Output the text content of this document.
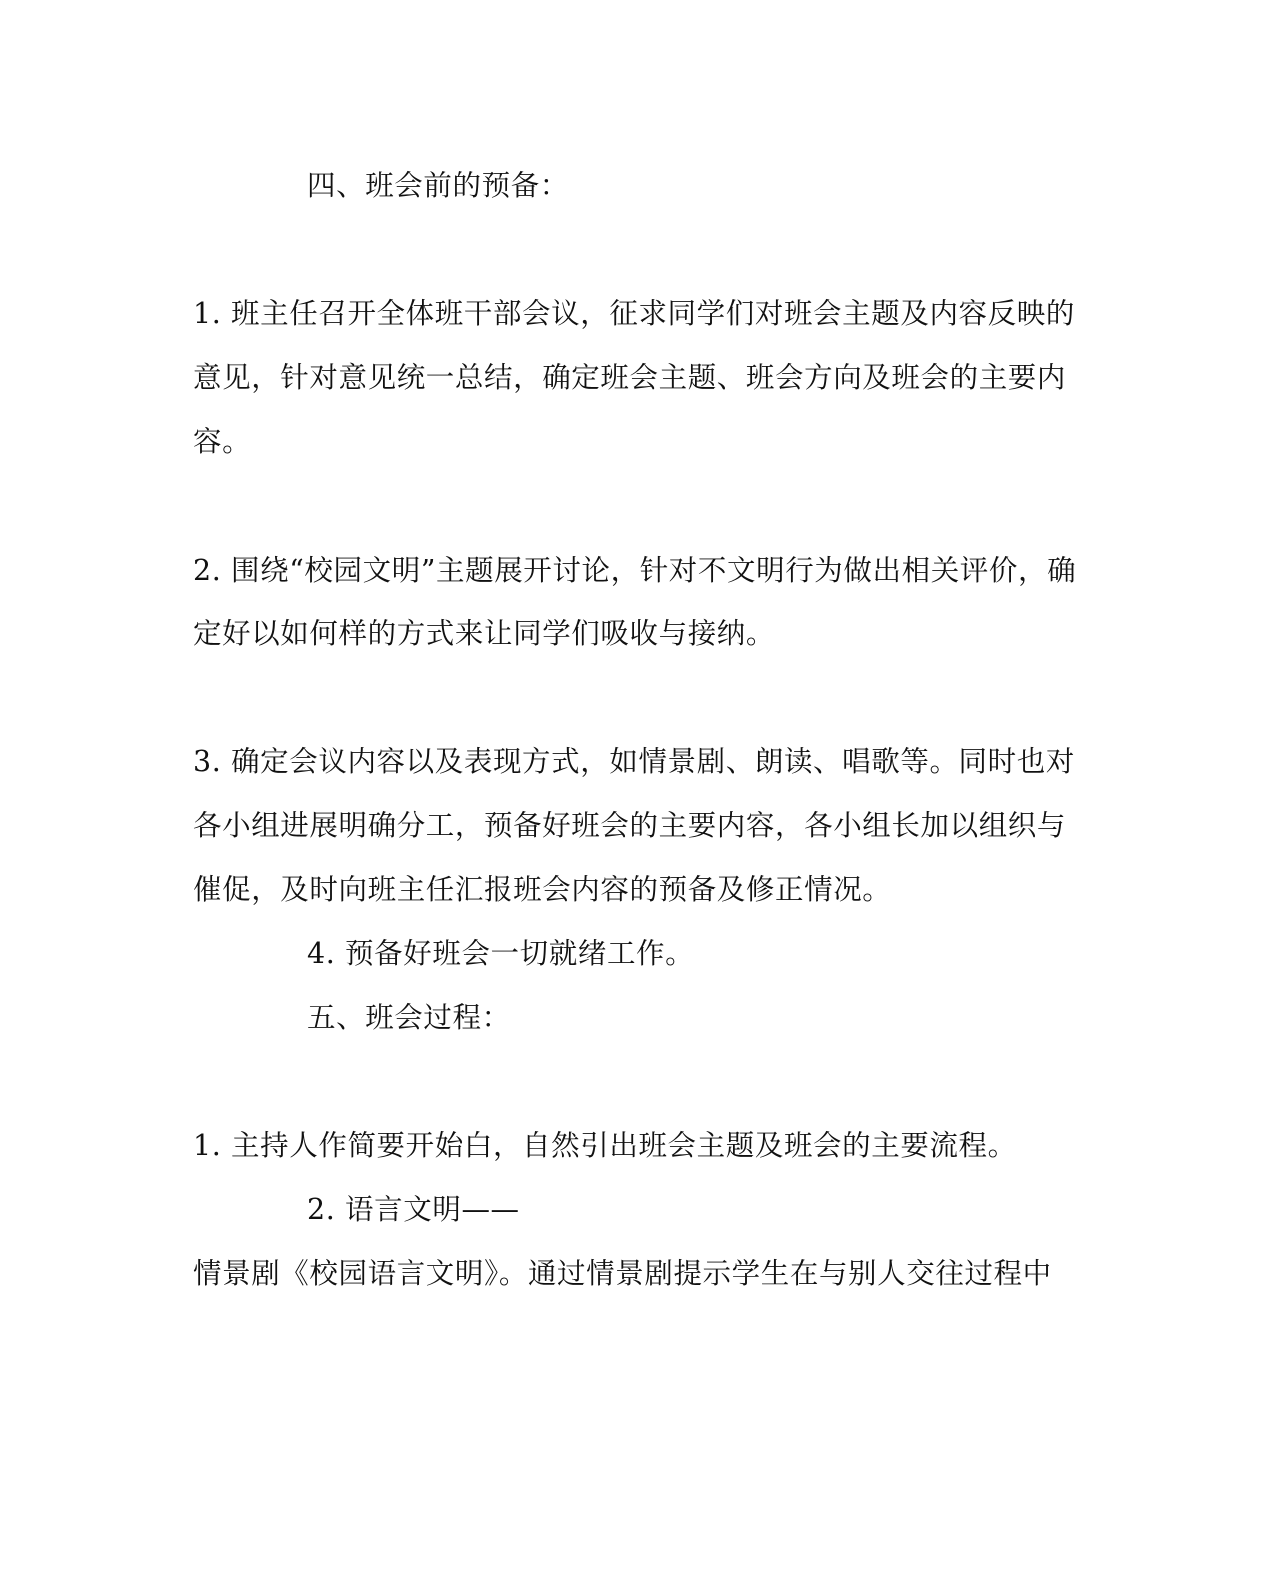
四、班会前的预备：
1. 班主任召开全体班干部会议，征求同学们对班会主题及内容反映的
意见，针对意见统一总结，确定班会主题、班会方向及班会的主要内
容。
2. 围绕“校园文明”主题展开讨论，针对不文明行为做出相关评价，确
定好以如何样的方式来让同学们吸收与接纳。
3. 确定会议内容以及表现方式，如情景剧、朗读、唱歌等。同时也对
各小组进展明确分工，预备好班会的主要内容，各小组长加以组织与
催促，及时向班主任汇报班会内容的预备及修正情况。
4. 预备好班会一切就绪工作。
五、班会过程：
1. 主持人作简要开始白，自然引出班会主题及班会的主要流程。
2. 语言文明——
情景剧《校园语言文明》。通过情景剧提示学生在与别人交往过程中
